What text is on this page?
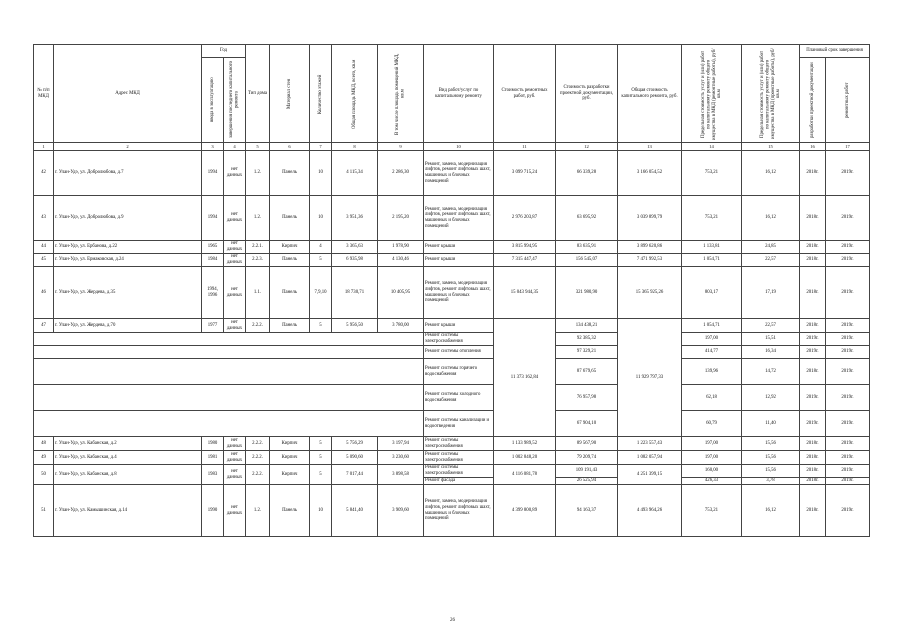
№ п/п МКД	Адрес МКД	Год		Тип дома	Материал стен	Количество этажей	Общая площадь МКД, всего, кв.м	В том числе площадь помещений МКД, кв.м	Вид работ/услуг по капитальному ремонту	Стоимость ремонтных работ, руб.	Стоимость разработки проектной документации, руб.	Общая стоимость капитального ремонта, руб.	Предельная стоимость услуг и (или) работ по капитальному ремонту общего имущества в МКД (ремонтные работы), руб/кв.м	Предельная стоимость услуг и (или) работ по капитальному ремонту общего имущества в МКД (проектные работы), руб/кв.м	Плановый срок завершения	

		ввода в эксплуатацию	завершения последнего капитального ремонта												разработки проектной документации	ремонтных работ

1	2	3	4	5	6	7	8	9	10	11	12	13	14	15	16	17
42	г. Улан-Удэ, ул. Добролюбова, д.7	1994	нет данных	1.2.	Панель	10	4 115,34	2 286,30	Ремонт, замена, модернизация лифтов, ремонт лифтовых шахт, машинных и блочных помещений	3 099 715,24	66 339,28	3 166 054,52	753,21	16,12	2018г.	2019г.
43	г. Улан-Удэ, ул. Добролюбова, д.9	1994	нет данных	1.2.	Панель	10	3 951,36	2 195,20	Ремонт, замена, модернизация лифтов, ремонт лифтовых шахт, машинных и блочных помещений	2 976 203,87	63 695,92	3 039 899,79	753,21	16,12	2018г.	2019г.
44	г. Улан-Удэ, ул. Ербанова, д.22	1965	нет данных	2.2.1.	Кирпич	4	3 365,63	1 978,90	Ремонт крыши	3 815 994,95	83 635,91	3 899 620,86	1 133,81	24,85	2018г.	2019г.
45	г. Улан-Удэ, ул. Ермаковская, д.24	1984	нет данных	2.2.3.	Панель	5	6 935,98	4 130,46	Ремонт крыши	7 315 447,47	156 545,07	7 471 992,53	1 054,71	22,57	2018г.	2019г.
46	г. Улан-Удэ, ул. Жердева, д.35	1994, 1996	нет данных	1.1.	Панель	7,9,10	18 730,71	10 405,95	Ремонт, замена, модернизация лифтов, ремонт лифтовых шахт, машинных и блочных помещений	15 043 944,35	321 980,90	15 365 925,26	803,17	17,19	2018г.	2019г.
47	г. Улан-Удэ, ул. Жердева, д.70	1977	нет данных	2.2.2.	Панель	5	5 956,50	3 780,00	Ремонт крыши	11 373 162,84	134 438,21	11 929 797,33	1 054,71	22,57	2018г.	2019г.
									Ремонт системы электроснабжения		92 385,32		197,00	15,51	2019г.	2019г.
									Ремонт системы отопления		97 329,21		414,77	16,34	2019г.	2019г.
									Ремонт системы горячего водоснабжения		87 679,65		139,96	14,72	2018г.	2019г.
									Ремонт системы холодного водоснабжения		76 957,98		62,18	12,92	2019г.	2019г.
									Ремонт системы канализации и водоотведения		67 904,10		60,79	11,40	2019г.	2019г.
48	г. Улан-Удэ, ул. Кабанская, д.2	1980	нет данных	2.2.2.	Кирпич	5	5 756,29	3 197,94	Ремонт системы электроснабжения	1 133 989,52	89 567,90	1 223 557,43	197,00	15,56	2018г.	2019г.
49	г. Улан-Удэ, ул. Кабанская, д.4	1981	нет данных	2.2.2.	Кирпич	5	5 090,60	3 230,60	Ремонт системы электроснабжения	1 002 848,20	79 209,74	1 082 057,94	197,00	15,56	2018г.	2019г.
50	г. Улан-Удэ, ул. Кабанская, д.8	1983	нет данных	2.2.2.	Кирпич	5	7 017,44	3 898,58	Ремонт системы электроснабжения	4 116 081,78	109 191,43	4 251 399,15	160,00	15,56	2018г.	2019г.
									Ремонт фасада		26 525,94		426,33	3,78	2018г.	2019г.
51	г. Улан-Удэ, ул. Камышинская, д.14	1990	нет данных	1.2.	Панель	10	5 841,40	3 909,60	Ремонт, замена, модернизация лифтов, ремонт лифтовых шахт, машинных и блочных помещений	4 399 800,89	94 163,37	4 493 964,26	753,21	16,12	2018г.	2019г.
26
